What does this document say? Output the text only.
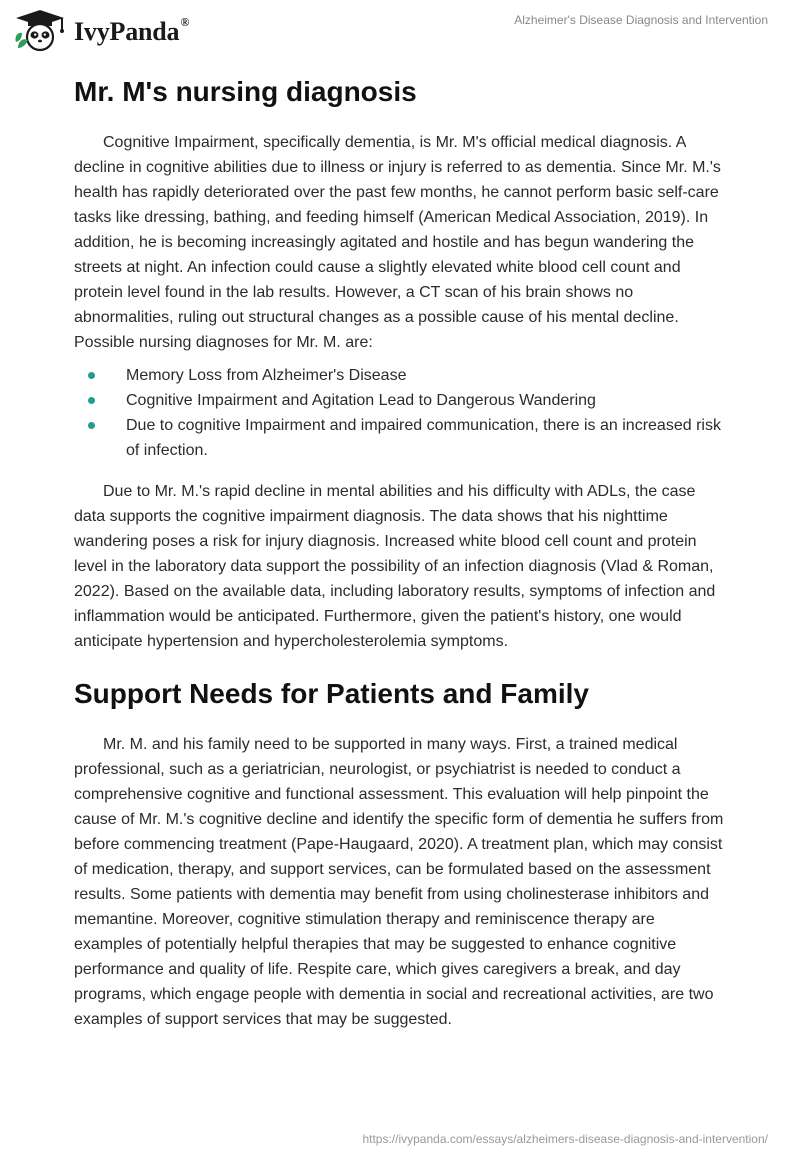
IvyPanda®	Alzheimer's Disease Diagnosis and Intervention
Mr. M's nursing diagnosis

Cognitive Impairment, specifically dementia, is Mr. M's official medical diagnosis. A decline in cognitive abilities due to illness or injury is referred to as dementia. Since Mr. M.'s health has rapidly deteriorated over the past few months, he cannot perform basic self-care tasks like dressing, bathing, and feeding himself (American Medical Association, 2019). In addition, he is becoming increasingly agitated and hostile and has begun wandering the streets at night. An infection could cause a slightly elevated white blood cell count and protein level found in the lab results. However, a CT scan of his brain shows no abnormalities, ruling out structural changes as a possible cause of his mental decline. Possible nursing diagnoses for Mr. M. are:

Memory Loss from Alzheimer's Disease
Cognitive Impairment and Agitation Lead to Dangerous Wandering
Due to cognitive Impairment and impaired communication, there is an increased risk of infection.

Due to Mr. M.'s rapid decline in mental abilities and his difficulty with ADLs, the case data supports the cognitive impairment diagnosis. The data shows that his nighttime wandering poses a risk for injury diagnosis. Increased white blood cell count and protein level in the laboratory data support the possibility of an infection diagnosis (Vlad & Roman, 2022). Based on the available data, including laboratory results, symptoms of infection and inflammation would be anticipated. Furthermore, given the patient's history, one would anticipate hypertension and hypercholesterolemia symptoms.

Support Needs for Patients and Family

Mr. M. and his family need to be supported in many ways. First, a trained medical professional, such as a geriatrician, neurologist, or psychiatrist is needed to conduct a comprehensive cognitive and functional assessment. This evaluation will help pinpoint the cause of Mr. M.'s cognitive decline and identify the specific form of dementia he suffers from before commencing treatment (Pape-Haugaard, 2020). A treatment plan, which may consist of medication, therapy, and support services, can be formulated based on the assessment results. Some patients with dementia may benefit from using cholinesterase inhibitors and memantine. Moreover, cognitive stimulation therapy and reminiscence therapy are examples of potentially helpful therapies that may be suggested to enhance cognitive performance and quality of life. Respite care, which gives caregivers a break, and day programs, which engage people with dementia in social and recreational activities, are two examples of support services that may be suggested.

https://ivypanda.com/essays/alzheimers-disease-diagnosis-and-intervention/
